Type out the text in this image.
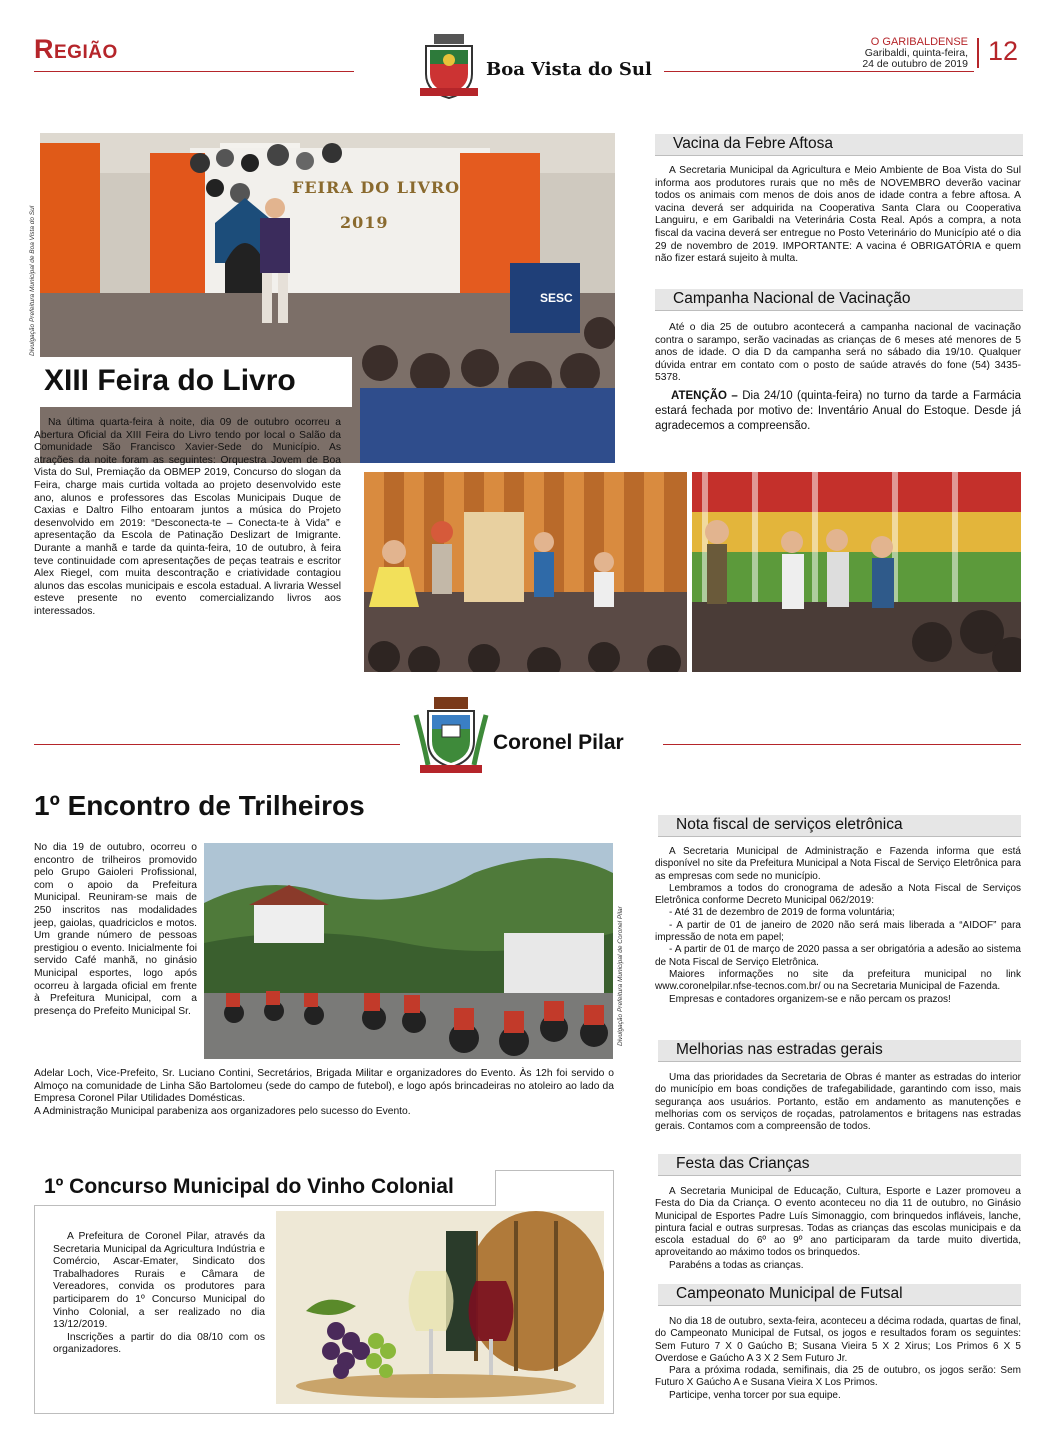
Região
Boa Vista do Sul
O GARIBALDENSE
Garibaldi, quinta-feira,
24 de outubro de 2019 12
FEIRA DO LIVRO
2019
SESC
Divulgação Prefeitura Municipal de Boa Vista do Sul
XIII Feira do Livro

Na última quarta-feira à noite, dia 09 de outubro ocorreu a Abertura Oficial da XIII Feira do Livro tendo por local o Salão da Comunidade São Francisco Xavier-Sede do Município. As atrações da noite foram as seguintes: Orquestra Jovem de Boa Vista do Sul, Premiação da OBMEP 2019, Concurso do slogan da Feira, charge mais curtida voltada ao projeto desenvolvido este ano, alunos e professores das Escolas Municipais Duque de Caxias e Daltro Filho entoaram juntos a música do Projeto desenvolvido em 2019: “Desconecta-te – Conecta-te à Vida” e apresentação da Escola de Patinação Deslizart de Imigrante. Durante a manhã e tarde da quinta-feira, 10 de outubro, à feira teve continuidade com apresentações de peças teatrais e escritor Alex Riegel, com muita descontração e criatividade contagiou alunos das escolas municipais e escola estadual. A livraria Wessel esteve presente no evento comercializando livros aos interessados.

Vacina da Febre Aftosa

A Secretaria Municipal da Agricultura e Meio Ambiente de Boa Vista do Sul informa aos produtores rurais que no mês de NOVEMBRO deverão vacinar todos os animais com menos de dois anos de idade contra a febre aftosa. A vacina deverá ser adquirida na Cooperativa Santa Clara ou Cooperativa Languiru, e em Garibaldi na Veterinária Costa Real. Após a compra, a nota fiscal da vacina deverá ser entregue no Posto Veterinário do Município até o dia 29 de novembro de 2019. IMPORTANTE: A vacina é OBRIGATÓRIA e quem não fizer estará sujeito à multa.

Campanha Nacional de Vacinação

Até o dia 25 de outubro acontecerá a campanha nacional de vacinação contra o sarampo, serão vacinadas as crianças de 6 meses até menores de 5 anos de idade. O dia D da campanha será no sábado dia 19/10. Qualquer dúvida entrar em contato com o posto de saúde através do fone (54) 3435-5378.

ATENÇÃO – Dia 24/10 (quinta-feira) no turno da tarde a Farmácia estará fechada por motivo de: Inventário Anual do Estoque. Desde já agradecemos a compreensão.
Coronel Pilar
1º Encontro de Trilheiros

No dia 19 de outubro, ocorreu o encontro de trilheiros promovido pelo Grupo Gaioleri Profissional, com o apoio da Prefeitura Municipal. Reuniram-se mais de 250 inscritos nas modalidades jeep, gaiolas, quadriciclos e motos. Um grande número de pessoas prestigiou o evento. Inicialmente foi servido Café manhã, no ginásio Municipal esportes, logo após ocorreu à largada oficial em frente à Prefeitura Municipal, com a presença do Prefeito Municipal Sr.	Divulgação Prefeitura Municipal de Coronel Pilar

Adelar Loch, Vice-Prefeito, Sr. Luciano Contini, Secretários, Brigada Militar e organizadores do Evento. Às 12h foi servido o Almoço na comunidade de Linha São Bartolomeu (sede do campo de futebol), e logo após brincadeiras no atoleiro ao lado da Empresa Coronel Pilar Utilidades Domésticas.

A Administração Municipal parabeniza aos organizadores pelo sucesso do Evento.

1º Concurso Municipal do Vinho Colonial

A Prefeitura de Coronel Pilar, através da Secretaria Municipal da Agricultura Indústria e Comércio, Ascar-Emater, Sindicato dos Trabalhadores Rurais e Câmara de Vereadores, convida os produtores para participarem do 1º Concurso Municipal do Vinho Colonial, a ser realizado no dia 13/12/2019.

Inscrições a partir do dia 08/10 com os organizadores.

Nota fiscal de serviços eletrônica

A Secretaria Municipal de Administração e Fazenda informa que está disponível no site da Prefeitura Municipal a Nota Fiscal de Serviço Eletrônica para as empresas com sede no município.

Lembramos a todos do cronograma de adesão a Nota Fiscal de Serviços Eletrônica conforme Decreto Municipal 062/2019:

- Até 31 de dezembro de 2019 de forma voluntária;

- A partir de 01 de janeiro de 2020 não será mais liberada a “AIDOF” para impressão de nota em papel;

- A partir de 01 de março de 2020 passa a ser obrigatória a adesão ao sistema de Nota Fiscal de Serviço Eletrônica.

Maiores informações no site da prefeitura municipal no link www.coronelpilar.nfse-tecnos.com.br/ ou na Secretaria Municipal de Fazenda.

Empresas e contadores organizem-se e não percam os prazos!

Melhorias nas estradas gerais

Uma das prioridades da Secretaria de Obras é manter as estradas do interior do município em boas condições de trafegabilidade, garantindo com isso, mais segurança aos usuários. Portanto, estão em andamento as manutenções e melhorias com os serviços de roçadas, patrolamentos e britagens nas estradas gerais. Contamos com a compreensão de todos.

Festa das Crianças

A Secretaria Municipal de Educação, Cultura, Esporte e Lazer promoveu a Festa do Dia da Criança. O evento aconteceu no dia 11 de outubro, no Ginásio Municipal de Esportes Padre Luís Simonaggio, com brinquedos infláveis, lanche, pintura facial e outras surpresas. Todas as crianças das escolas municipais e da escola estadual do 6º ao 9º ano participaram da tarde muito divertida, aproveitando ao máximo todos os brinquedos.

Parabéns a todas as crianças.

Campeonato Municipal de Futsal

No dia 18 de outubro, sexta-feira, aconteceu a décima rodada, quartas de final, do Campeonato Municipal de Futsal, os jogos e resultados foram os seguintes: Sem Futuro 7 X 0 Gaúcho B; Susana Vieira 5 X 2 Xirus; Los Primos 6 X 5 Overdose e Gaúcho A 3 X 2 Sem Futuro Jr.

Para a próxima rodada, semifinais, dia 25 de outubro, os jogos serão: Sem Futuro X Gaúcho A e Susana Vieira X Los Primos.

Participe, venha torcer por sua equipe.
